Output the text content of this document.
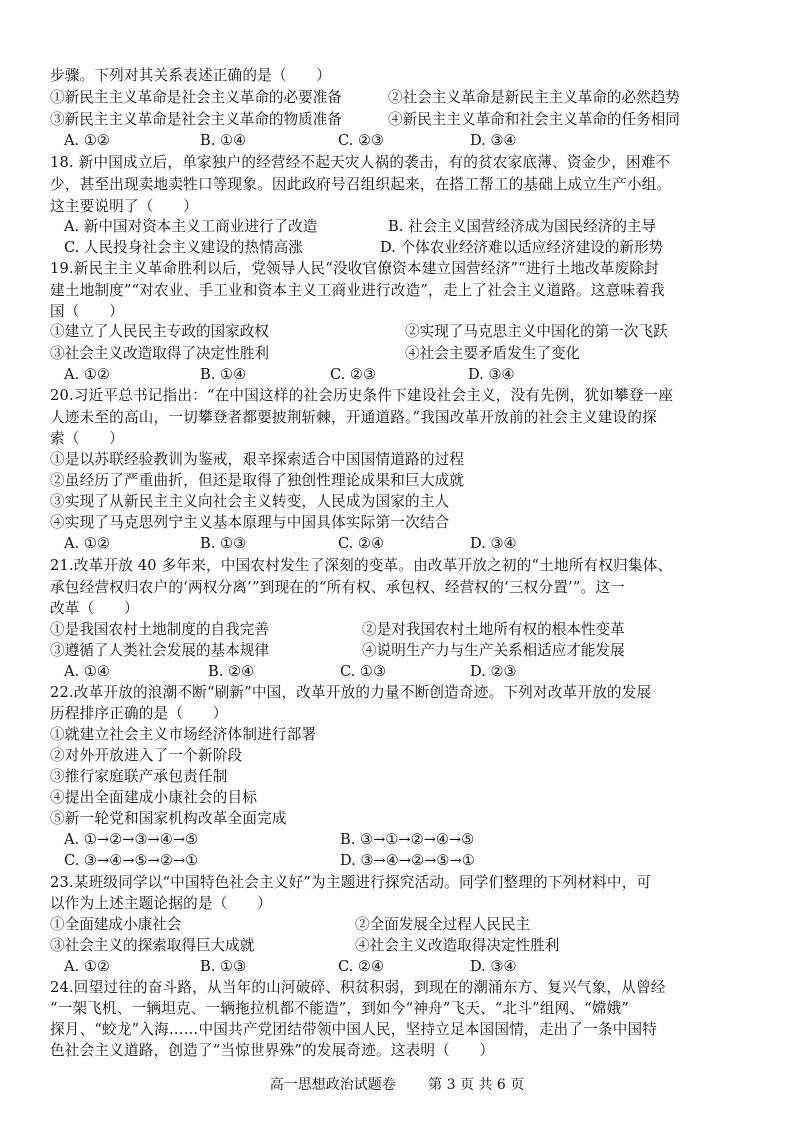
步骤。下列对其关系表述正确的是（　　）
①新民主主义革命是社会主义革命的必要准备	②社会主义革命是新民主主义革命的必然趋势
③新民主主义革命是社会主义革命的物质准备	④新民主主义革命和社会主义革命的任务相同
A. ①②	B. ①④	C. ②③	D. ③④
18. 新中国成立后，单家独户的经营经不起天灾人祸的袭击，有的贫农家底薄、资金少，困难不
少，甚至出现卖地卖牲口等现象。因此政府号召组织起来，在搭工帮工的基础上成立生产小组。
这主要说明了（　　）
A. 新中国对资本主义工商业进行了改造	B. 社会主义国营经济成为国民经济的主导
C. 人民投身社会主义建设的热情高涨	D. 个体农业经济难以适应经济建设的新形势
19.新民主主义革命胜利以后，党领导人民“没收官僚资本建立国营经济”“进行土地改革废除封
建土地制度”“对农业、手工业和资本主义工商业进行改造”，走上了社会主义道路。这意味着我
国（　　）
①建立了人民民主专政的国家政权	②实现了马克思主义中国化的第一次飞跃
③社会主义改造取得了决定性胜利	④社会主要矛盾发生了变化
A. ①②	B. ①④	C. ②③	D. ③④
20.习近平总书记指出：“在中国这样的社会历史条件下建设社会主义，没有先例，犹如攀登一座
人迹未至的高山，一切攀登者都要披荆斩棘，开通道路。”我国改革开放前的社会主义建设的探
索（　　）
①是以苏联经验教训为鉴戒，艰辛探索适合中国国情道路的过程
②虽经历了严重曲折，但还是取得了独创性理论成果和巨大成就
③实现了从新民主主义向社会主义转变，人民成为国家的主人
④实现了马克思列宁主义基本原理与中国具体实际第一次结合
A. ①②	B. ①③	C. ②④	D. ③④
21.改革开放 40 多年来，中国农村发生了深刻的变革。由改革开放之初的“土地所有权归集体、
承包经营权归农户的‘两权分离’”到现在的“所有权、承包权、经营权的‘三权分置’”。这一
改革（　　）
①是我国农村土地制度的自我完善	②是对我国农村土地所有权的根本性变革
③遵循了人类社会发展的基本规律	④说明生产力与生产关系相适应才能发展
A. ①④	B. ②④	C. ①③	D. ②③
22.改革开放的浪潮不断“刷新”中国，改革开放的力量不断创造奇迹。下列对改革开放的发展
历程排序正确的是（　　）
①就建立社会主义市场经济体制进行部署
②对外开放进入了一个新阶段
③推行家庭联产承包责任制
④提出全面建成小康社会的目标
⑤新一轮党和国家机构改革全面完成
A. ①→②→③→④→⑤	B. ③→①→②→④→⑤
C. ③→④→⑤→②→①	D. ③→④→②→⑤→①
23.某班级同学以“中国特色社会主义好”为主题进行探究活动。同学们整理的下列材料中，可
以作为上述主题论据的是（　　）
①全面建成小康社会	②全面发展全过程人民民主
③社会主义的探索取得巨大成就	④社会主义改造取得决定性胜利
A. ①②	B. ①③	C. ②④	D. ③④
24.回望过往的奋斗路，从当年的山河破碎、积贫积弱，到现在的潮涌东方、复兴气象，从曾经
“一架飞机、一辆坦克、一辆拖拉机都不能造”，到如今“神舟”飞天、“北斗”组网、“嫦娥”
探月、“蛟龙”入海……中国共产党团结带领中国人民，坚持立足本国国情，走出了一条中国特
色社会主义道路，创造了“当惊世界殊”的发展奇迹。这表明（　　）
高一思想政治试题卷 第 3 页 共 6 页
